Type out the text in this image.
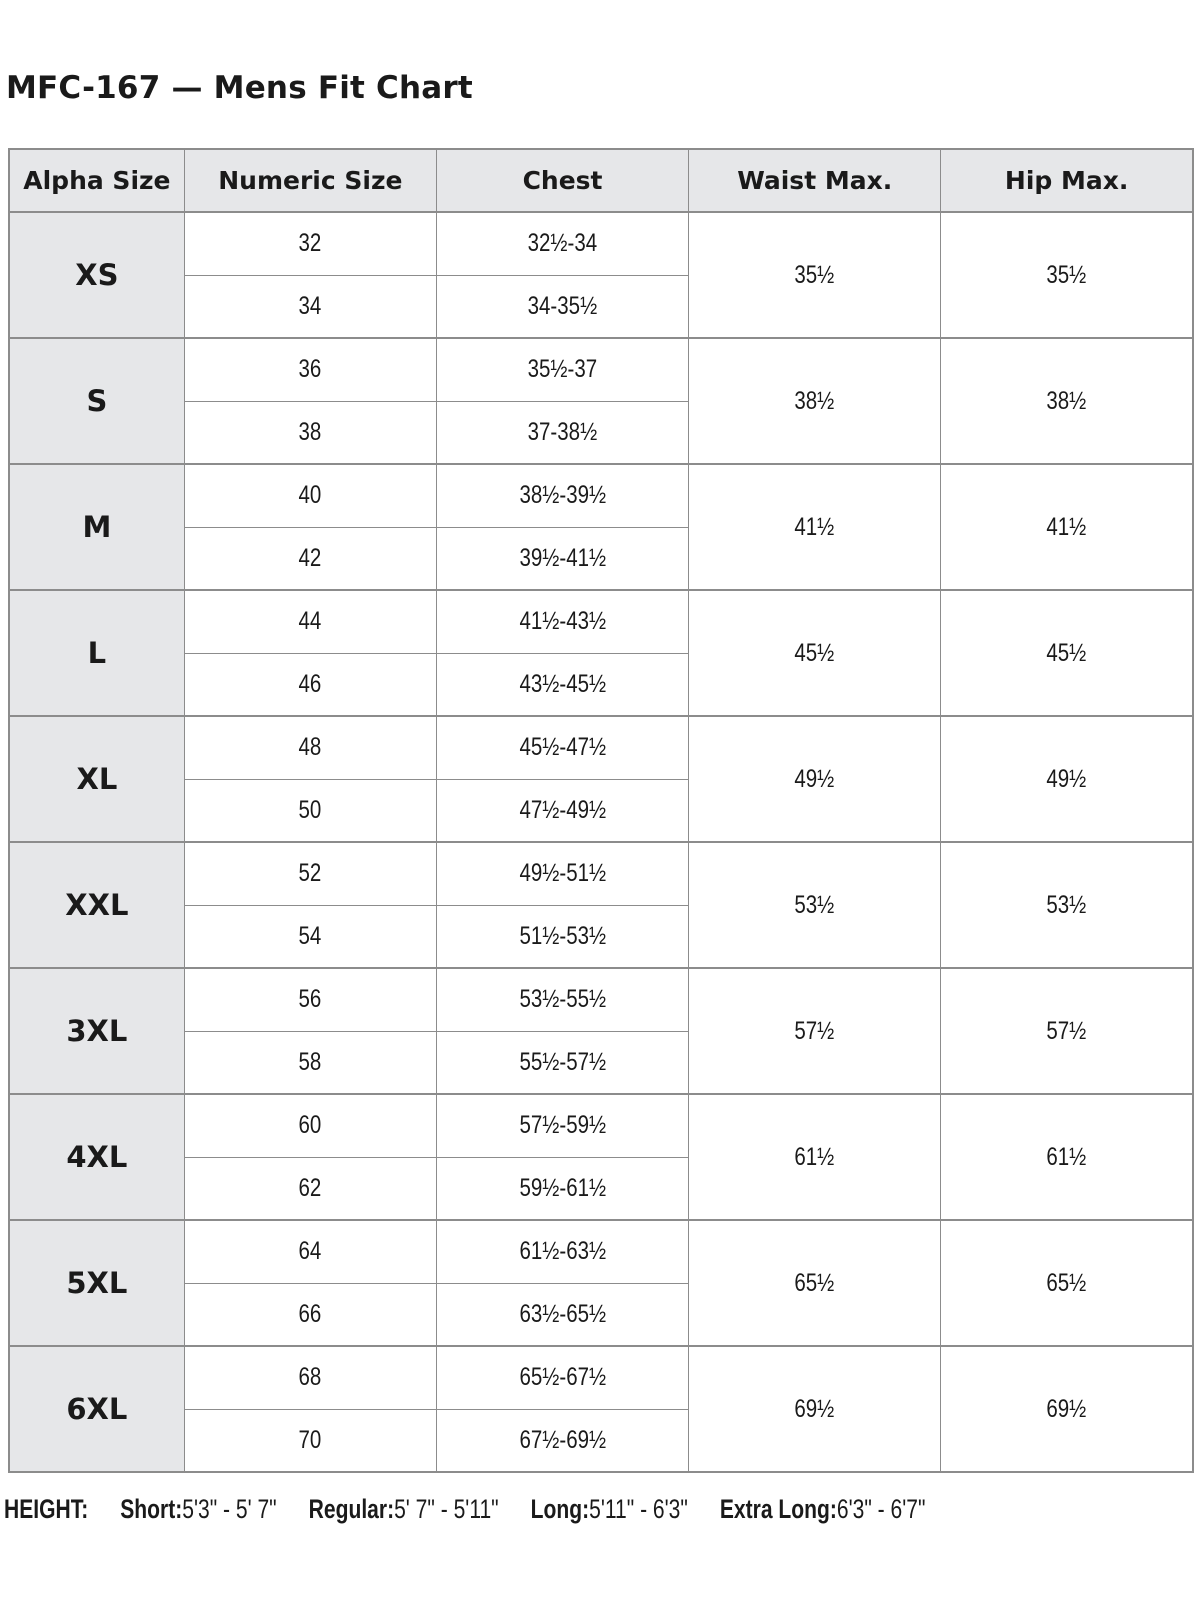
MFC-167 — Mens Fit Chart
Alpha Size	Numeric Size	Chest	Waist Max.	Hip Max.
XS	32	32½-34	35½	35½
	34	34-35½		
S	36	35½-37	38½	38½
	38	37-38½		
M	40	38½-39½	41½	41½
	42	39½-41½		
L	44	41½-43½	45½	45½
	46	43½-45½		
XL	48	45½-47½	49½	49½
	50	47½-49½		
XXL	52	49½-51½	53½	53½
	54	51½-53½		
3XL	56	53½-55½	57½	57½
	58	55½-57½		
4XL	60	57½-59½	61½	61½
	62	59½-61½		
5XL	64	61½-63½	65½	65½
	66	63½-65½		
6XL	68	65½-67½	69½	69½
	70	67½-69½		
HEIGHT: Short:5'3" - 5' 7" Regular:5' 7" - 5'11" Long:5'11" - 6'3" Extra Long:6'3" - 6'7"
